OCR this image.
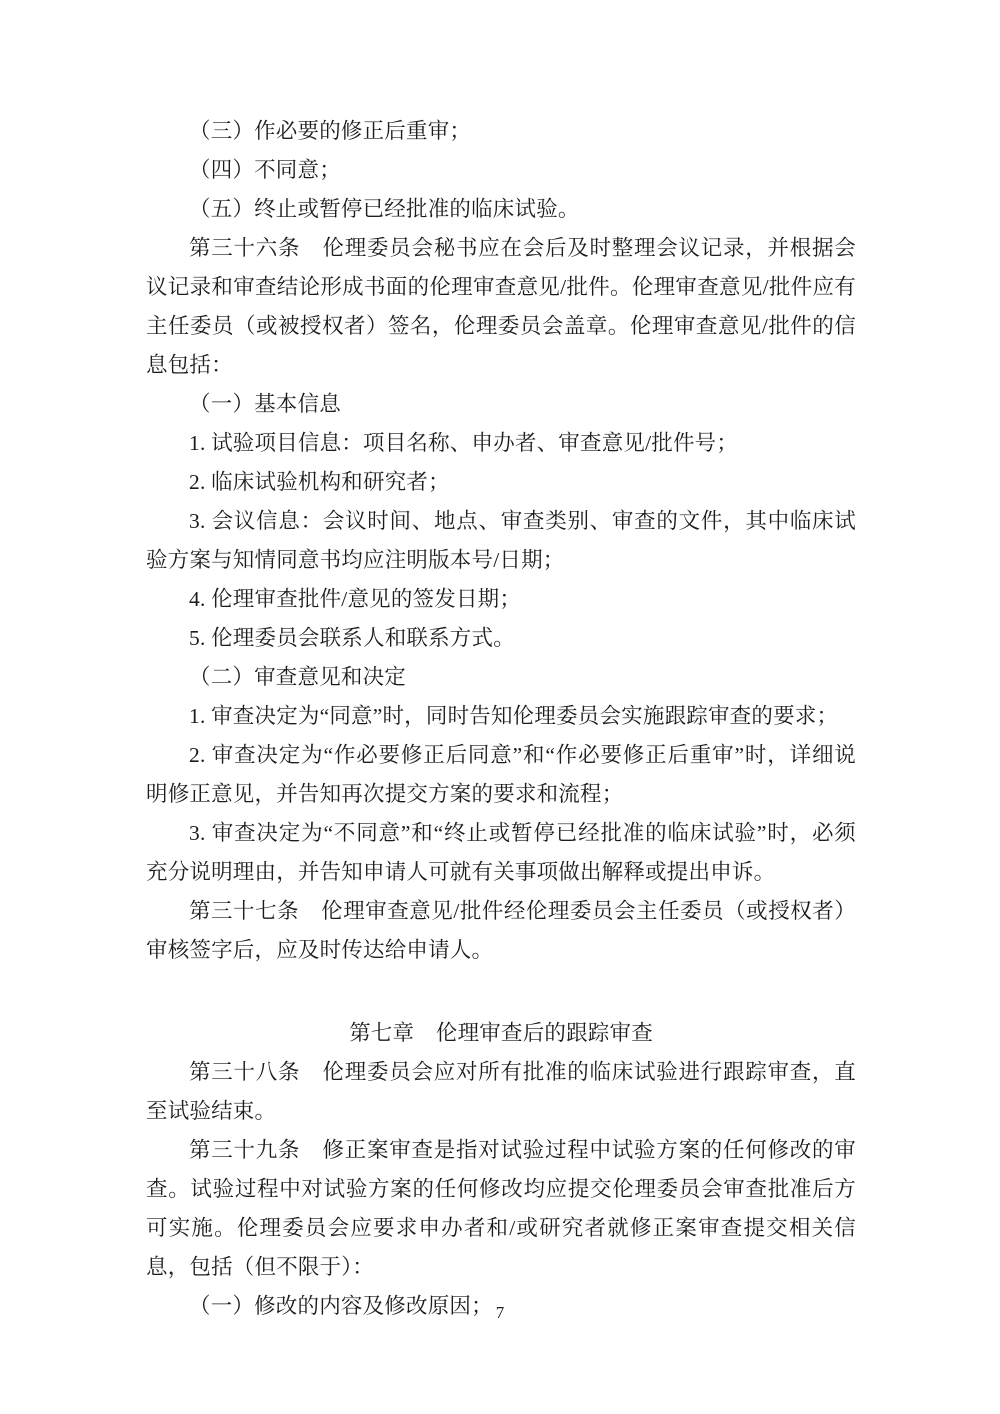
（三）作必要的修正后重审；

（四）不同意；

（五）终止或暂停已经批准的临床试验。

第三十六条　伦理委员会秘书应在会后及时整理会议记录，并根据会议记录和审查结论形成书面的伦理审查意见/批件。伦理审查意见/批件应有主任委员（或被授权者）签名，伦理委员会盖章。伦理审查意见/批件的信息包括：

（一）基本信息

1. 试验项目信息：项目名称、申办者、审查意见/批件号；

2. 临床试验机构和研究者；

3. 会议信息：会议时间、地点、审查类别、审查的文件，其中临床试验方案与知情同意书均应注明版本号/日期；

4. 伦理审查批件/意见的签发日期；

5. 伦理委员会联系人和联系方式。

（二）审查意见和决定

1. 审查决定为“同意”时，同时告知伦理委员会实施跟踪审查的要求；

2. 审查决定为“作必要修正后同意”和“作必要修正后重审”时，详细说明修正意见，并告知再次提交方案的要求和流程；

3. 审查决定为“不同意”和“终止或暂停已经批准的临床试验”时，必须充分说明理由，并告知申请人可就有关事项做出解释或提出申诉。

第三十七条　伦理审查意见/批件经伦理委员会主任委员（或授权者）审核签字后，应及时传达给申请人。

第七章　伦理审查后的跟踪审查

第三十八条　伦理委员会应对所有批准的临床试验进行跟踪审查，直至试验结束。

第三十九条　修正案审查是指对试验过程中试验方案的任何修改的审查。试验过程中对试验方案的任何修改均应提交伦理委员会审查批准后方可实施。伦理委员会应要求申办者和/或研究者就修正案审查提交相关信息，包括（但不限于）：

（一）修改的内容及修改原因； 7
